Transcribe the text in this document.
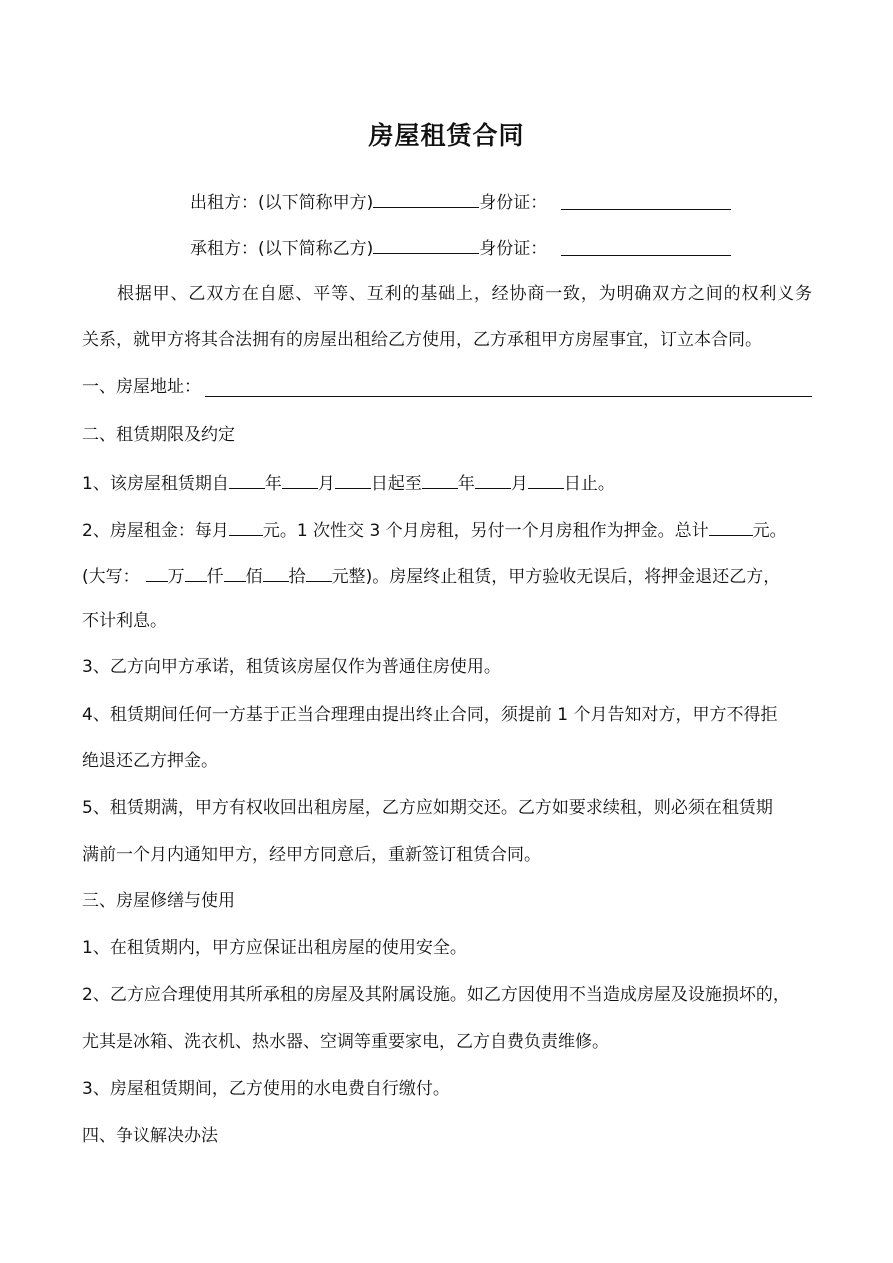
房屋租赁合同
出租方：(以下简称甲方)	身份证：
承租方：(以下简称乙方)	身份证：
根据甲、乙双方在自愿、平等、互利的基础上，经协商一致，为明确双方之间的权利义务
关系，就甲方将其合法拥有的房屋出租给乙方使用，乙方承租甲方房屋事宜，订立本合同。
一、房屋地址：
二、租赁期限及约定
1、该房屋租赁期自 年 月 日起至 年 月 日止。
2、房屋租金：每月 元。1 次性交 3 个月房租，另付一个月房租作为押金。总计	元。
(大写： 万 仟 佰 拾 元整)。房屋终止租赁，甲方验收无误后，将押金退还乙方，
不计利息。
3、乙方向甲方承诺，租赁该房屋仅作为普通住房使用。
4、租赁期间任何一方基于正当合理理由提出终止合同，须提前 1 个月告知对方，甲方不得拒
绝退还乙方押金。
5、租赁期满，甲方有权收回出租房屋，乙方应如期交还。乙方如要求续租，则必须在租赁期
满前一个月内通知甲方，经甲方同意后，重新签订租赁合同。
三、房屋修缮与使用
1、在租赁期内，甲方应保证出租房屋的使用安全。
2、乙方应合理使用其所承租的房屋及其附属设施。如乙方因使用不当造成房屋及设施损坏的，
尤其是冰箱、洗衣机、热水器、空调等重要家电，乙方自费负责维修。
3、房屋租赁期间，乙方使用的水电费自行缴付。
四、争议解决办法
